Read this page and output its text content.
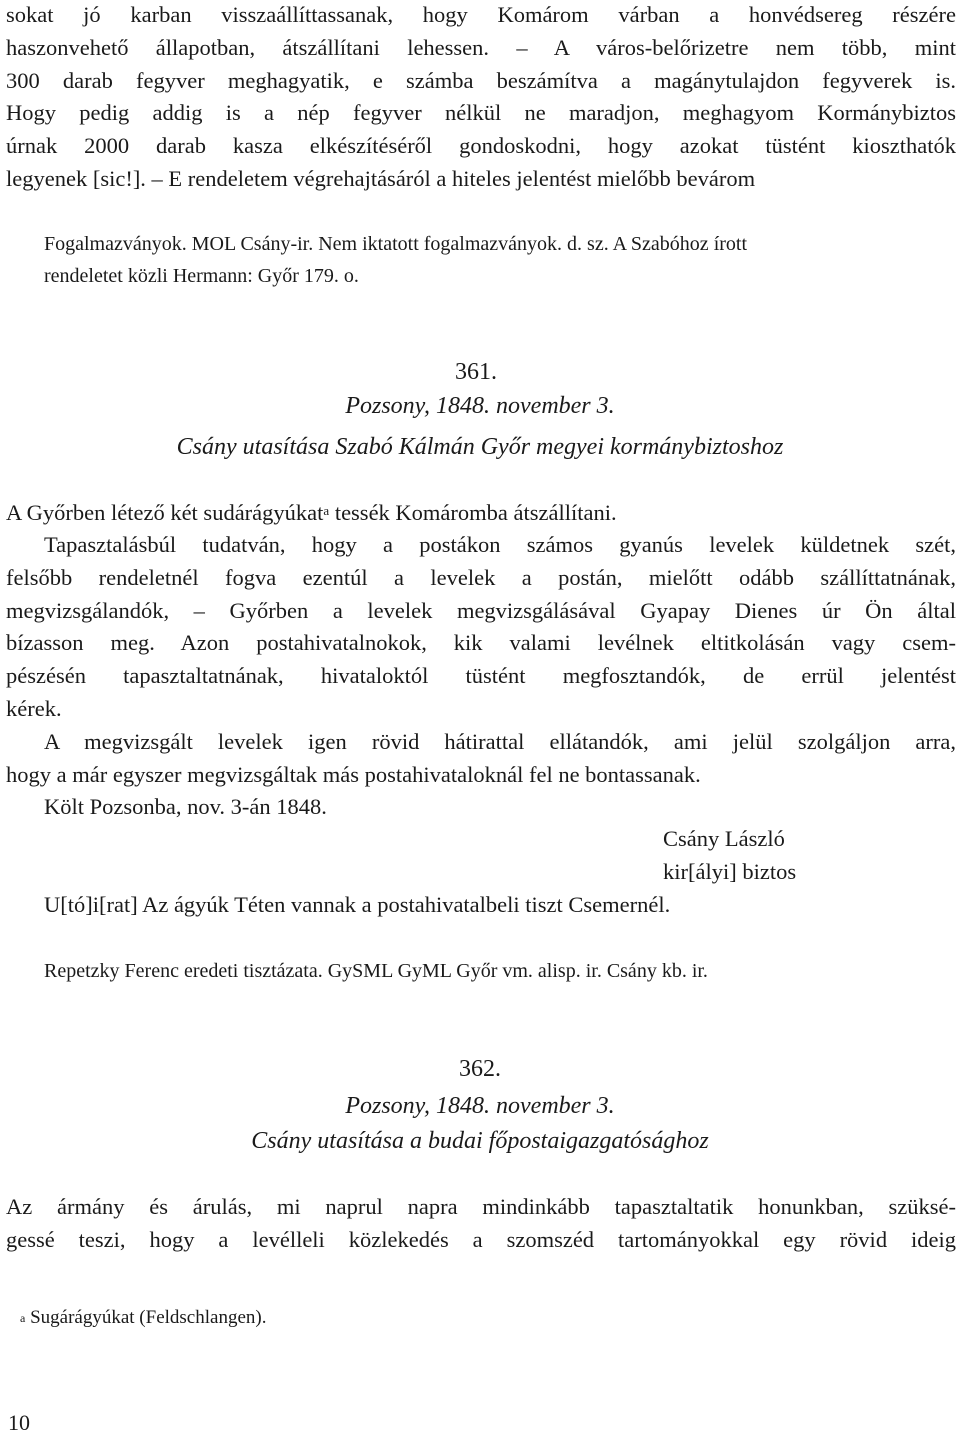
sokat jó karban visszaállíttassanak, hogy Komárom várban a honvédsereg részére
haszonvehető állapotban, átszállítani lehessen. – A város-belőrizetre nem több, mint
300 darab fegyver meghagyatik, e számba beszámítva a magánytulajdon fegyverek is.
Hogy pedig addig is a nép fegyver nélkül ne maradjon, meghagyom Kormánybiztos
úrnak 2000 darab kasza elkészítéséről gondoskodni, hogy azokat tüstént kioszthatók
legyenek [sic!]. – E rendeletem végrehajtásáról a hiteles jelentést mielőbb bevárom

Fogalmazványok. MOL Csány-ir. Nem iktatott fogalmazványok. d. sz. A Szabóhoz írott
rendeletet közli Hermann: Győr 179. o.
361.
Pozsony, 1848. november 3.
Csány utasítása Szabó Kálmán Győr megyei kormánybiztoshoz

A Győrben létező két sudárágyúkat$^a$ tessék Komáromba átszállítani.

Tapasztalásbúl tudatván, hogy a postákon számos gyanús levelek küldetnek szét,
felsőbb rendeletnél fogva ezentúl a levelek a postán, mielőtt odább szállíttatnának,
megvizsgálandók, – Győrben a levelek megvizsgálásával Gyapay Dienes úr Ön által
bízasson meg. Azon postahivatalnokok, kik valami levélnek eltitkolásán vagy csem-
pészésén tapasztaltatnának, hivataloktól tüstént megfosztandók, de errül jelentést
kérek.

A megvizsgált levelek igen rövid hátirattal ellátandók, ami jelül szolgáljon arra,
hogy a már egyszer megvizsgáltak más postahivataloknál fel ne bontassanak.

Költ Pozsonba, nov. 3-án 1848.

Csány László
kir[ályi] biztos

U[tó]i[rat] Az ágyúk Téten vannak a postahivatalbeli tiszt Csemernél.

Repetzky Ferenc eredeti tisztázata. GySML GyML Győr vm. alisp. ir. Csány kb. ir.
362.
Pozsony, 1848. november 3.
Csány utasítása a budai főpostaigazgatósághoz

Az ármány és árulás, mi naprul napra mindinkább tapasztaltatik honunkban, szüksé-
gessé teszi, hogy a levélleli közlekedés a szomszéd tartományokkal egy rövid ideig

$^a$ Sugárágyúkat (Feldschlangen).
10
